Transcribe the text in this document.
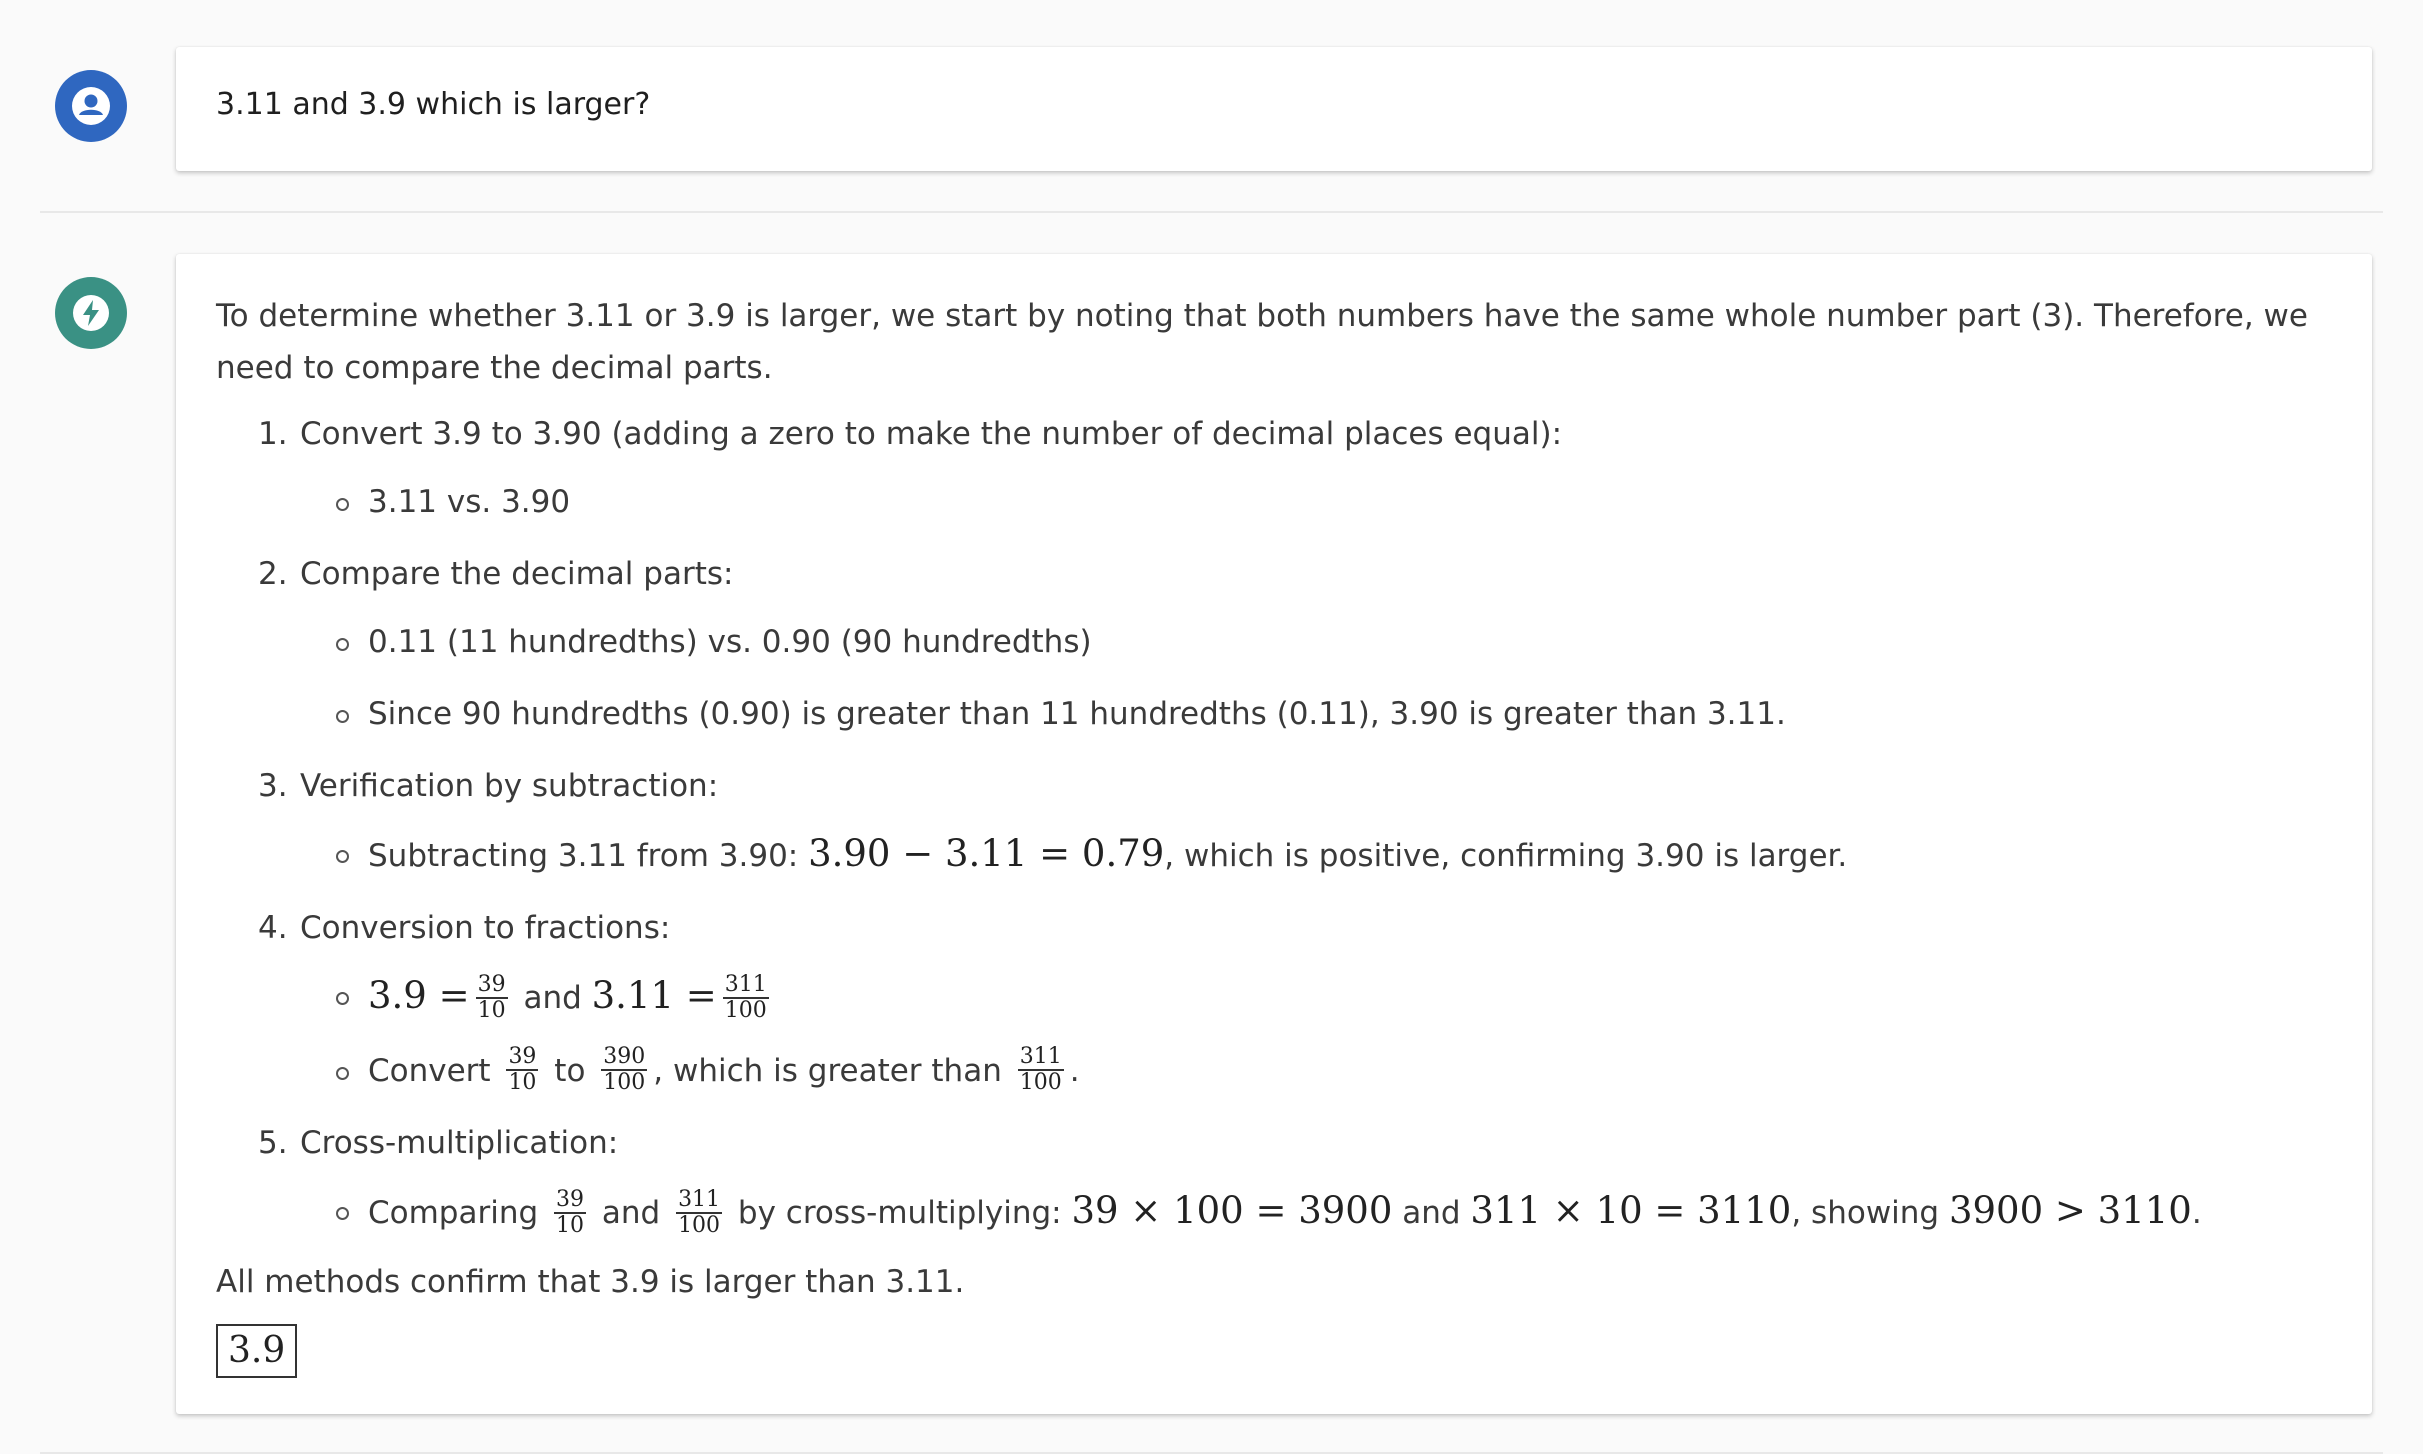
3.11 and 3.9 which is larger?
To determine whether 3.11 or 3.9 is larger, we start by noting that both numbers have the same whole number part (3). Therefore, we need to compare the decimal parts.
1. Convert 3.9 to 3.90 (adding a zero to make the number of decimal places equal):
3.11 vs. 3.90
2. Compare the decimal parts:
0.11 (11 hundredths) vs. 0.90 (90 hundredths)
Since 90 hundredths (0.90) is greater than 11 hundredths (0.11), 3.90 is greater than 3.11.
3. Verification by subtraction:
Subtracting 3.11 from 3.90: 3.90 − 3.11 = 0.79, which is positive, confirming 3.90 is larger.
4. Conversion to fractions:
$3.9 = \frac{39}{10}$ and $3.11 = \frac{311}{100}$
Convert $\frac{39}{10}$ to $\frac{390}{100}$ , which is greater than $\frac{311}{100}$ .
5. Cross-multiplication:
Comparing $\frac{39}{10}$ and $\frac{311}{100}$ by cross-multiplying: 39 × 100 = 3900 and 311 × 10 = 3110, showing 3900 > 3110.
All methods confirm that 3.9 is larger than 3.11.
3.9
